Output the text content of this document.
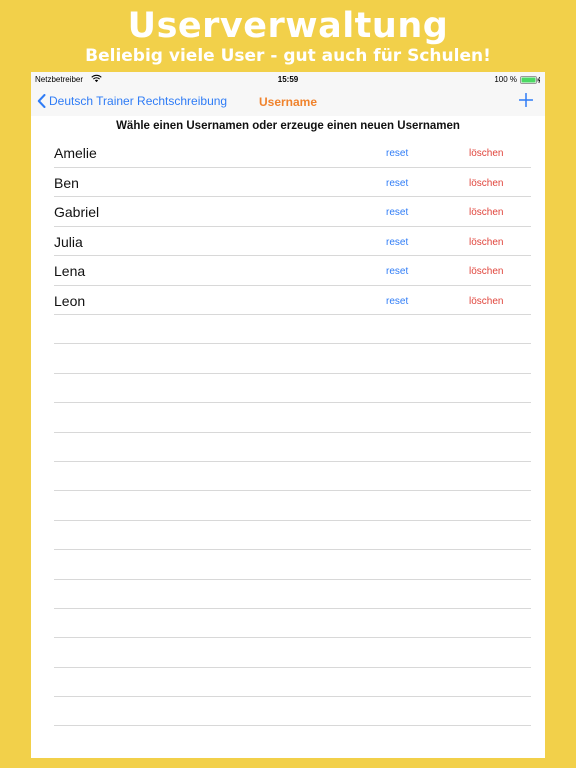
Userverwaltung
Beliebig viele User - gut auch für Schulen!
Netzbetreiber	15:59	100 %
Deutsch Trainer Rechtschreibung	Username
Wähle einen Usernamen oder erzeuge einen neuen Usernamen
Amelie	reset	löschen
Ben	reset	löschen
Gabriel	reset	löschen
Julia	reset	löschen
Lena	reset	löschen
Leon	reset	löschen
